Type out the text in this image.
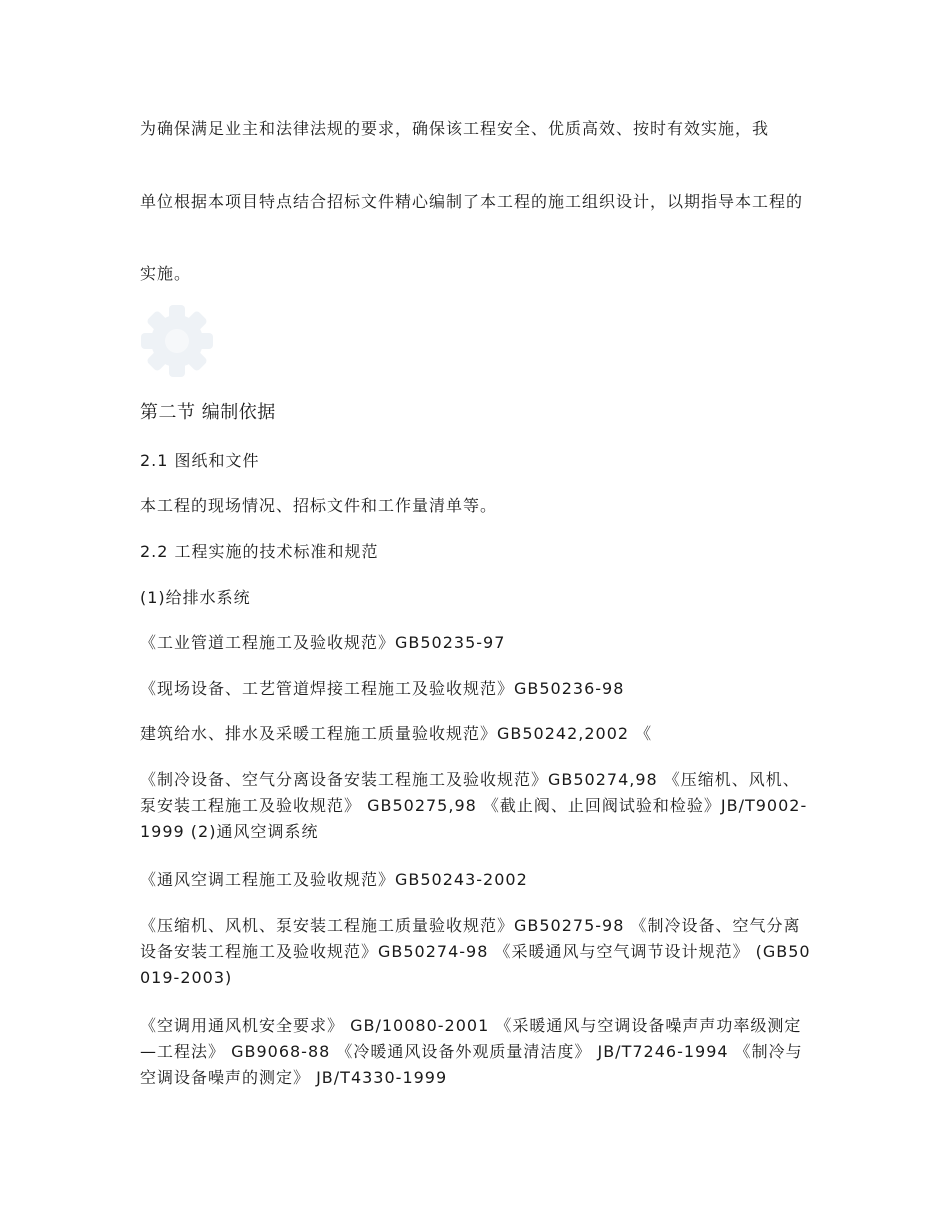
为确保满足业主和法律法规的要求，确保该工程安全、优质高效、按时有效实施，我

单位根据本项目特点结合招标文件精心编制了本工程的施工组织设计，以期指导本工程的

实施。

第二节 编制依据

2.1 图纸和文件

本工程的现场情况、招标文件和工作量清单等。

2.2 工程实施的技术标准和规范

(1)给排水系统

《工业管道工程施工及验收规范》GB50235-97

《现场设备、工艺管道焊接工程施工及验收规范》GB50236-98

建筑给水、排水及采暖工程施工质量验收规范》GB50242,2002 《

《制冷设备、空气分离设备安装工程施工及验收规范》GB50274,98 《压缩机、风机、泵安装工程施工及验收规范》 GB50275,98 《截止阀、止回阀试验和检验》JB/T9002-1999 (2)通风空调系统

《通风空调工程施工及验收规范》GB50243-2002

《压缩机、风机、泵安装工程施工质量验收规范》GB50275-98 《制冷设备、空气分离设备安装工程施工及验收规范》GB50274-98 《采暖通风与空气调节设计规范》 (GB50019-2003)

《空调用通风机安全要求》 GB/10080-2001 《采暖通风与空调设备噪声声功率级测定—工程法》 GB9068-88 《冷暖通风设备外观质量清洁度》 JB/T7246-1994 《制冷与空调设备噪声的测定》 JB/T4330-1999
